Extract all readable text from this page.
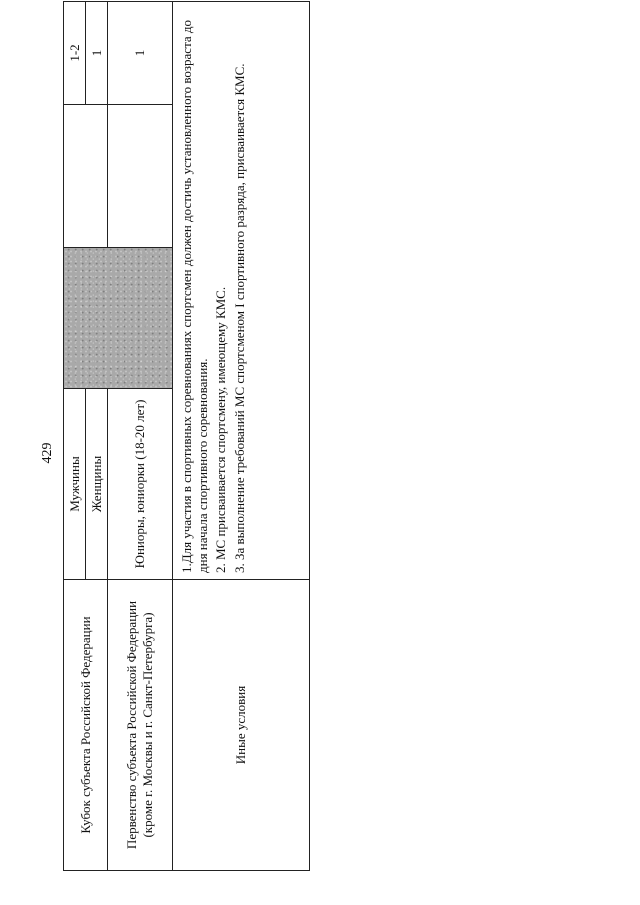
429
Кубок субъекта Российской Федерации	Мужчины			1-2
	Женщины			1
Первенство субъекта Российской Федерации (кроме г. Москвы и г. Санкт-Петербурга)	Юниоры, юниорки (18-20 лет)			1
Иные условия	1.Для участия в спортивных соревнованиях спортсмен должен достичь установленного возраста до дня начала спортивного соревнования. 2. МС присваивается спортсмену, имеющему КМС. 3. За выполнение требований МС спортсменом I спортивного разряда, присваивается КМС.			
